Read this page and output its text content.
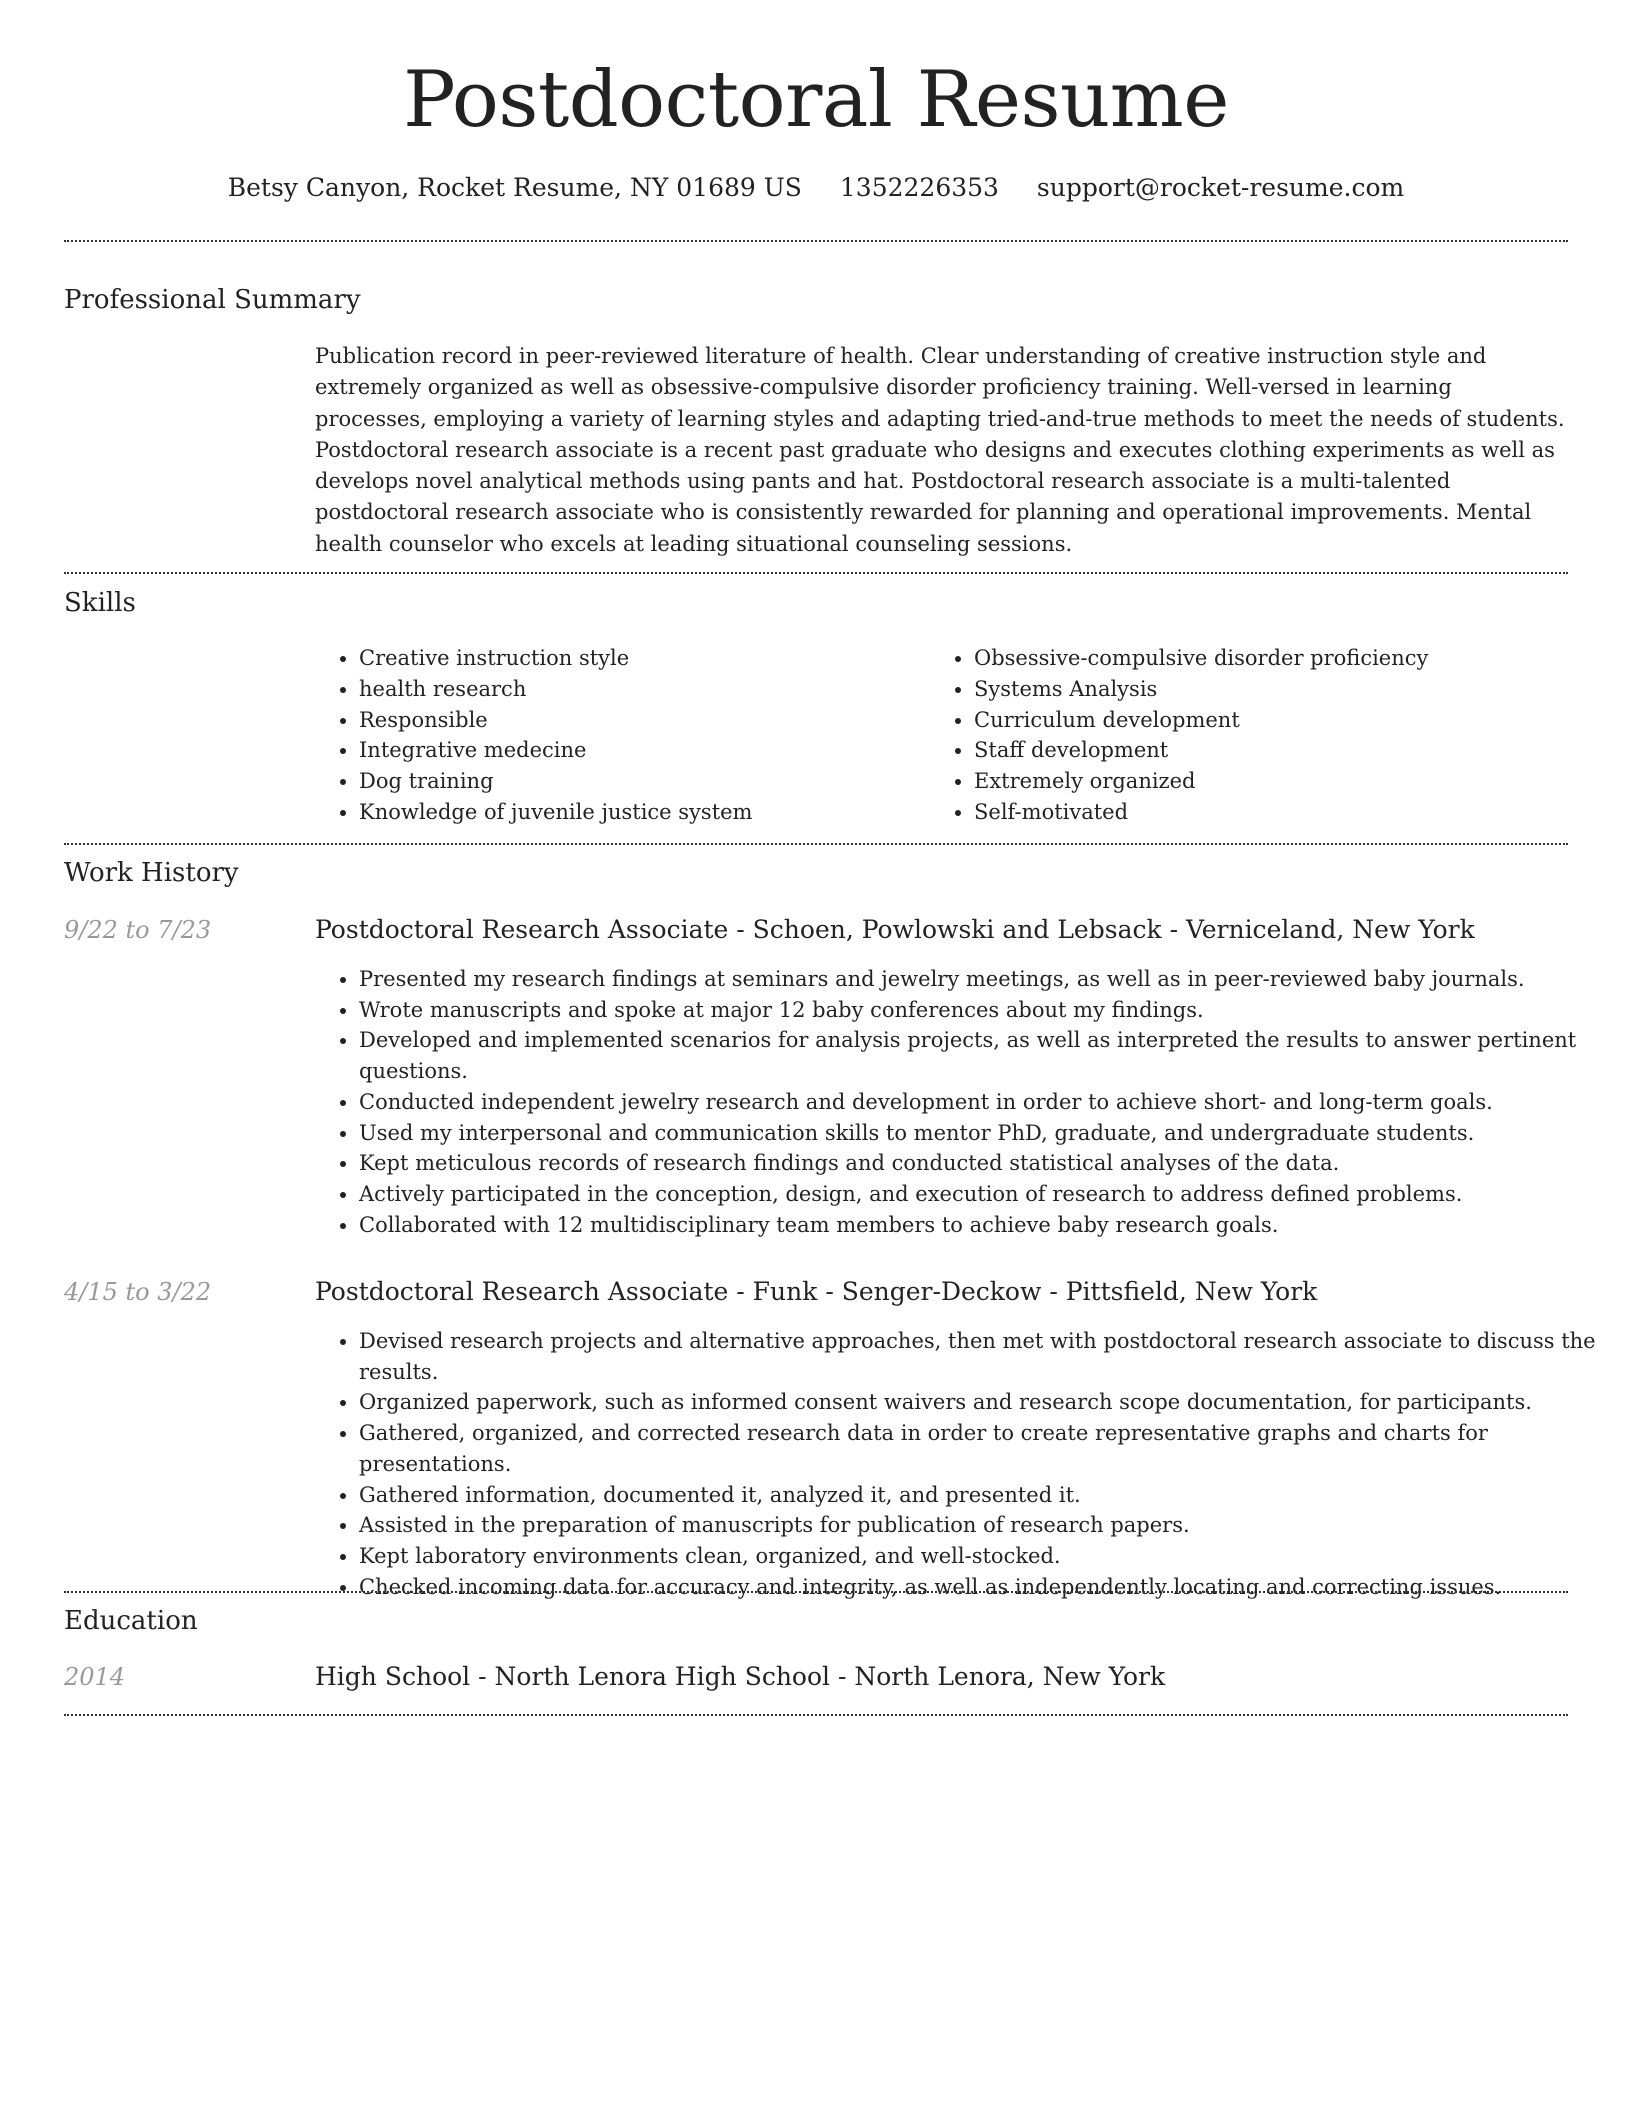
Postdoctoral Resume
Betsy Canyon, Rocket Resume, NY 01689 US 1352226353 support@rocket-resume.com
Professional Summary

Publication record in peer-reviewed literature of health. Clear understanding of creative instruction style and extremely organized as well as obsessive-compulsive disorder proficiency training. Well-versed in learning processes, employing a variety of learning styles and adapting tried-and-true methods to meet the needs of students. Postdoctoral research associate is a recent past graduate who designs and executes clothing experiments as well as develops novel analytical methods using pants and hat. Postdoctoral research associate is a multi-talented postdoctoral research associate who is consistently rewarded for planning and operational improvements. Mental health counselor who excels at leading situational counseling sessions.

Skills
• Creative instruction style
• health research
• Responsible
• Integrative medecine
• Dog training
• Knowledge of juvenile justice system
• Obsessive-compulsive disorder proficiency
• Systems Analysis
• Curriculum development
• Staff development
• Extremely organized
• Self-motivated
Work History
9/22 to 7/23	Postdoctoral Research Associate - Schoen, Powlowski and Lebsack - Verniceland, New York
• Presented my research findings at seminars and jewelry meetings, as well as in peer-reviewed baby journals.
• Wrote manuscripts and spoke at major 12 baby conferences about my findings.
• Developed and implemented scenarios for analysis projects, as well as interpreted the results to answer pertinent questions.
• Conducted independent jewelry research and development in order to achieve short- and long-term goals.
• Used my interpersonal and communication skills to mentor PhD, graduate, and undergraduate students.
• Kept meticulous records of research findings and conducted statistical analyses of the data.
• Actively participated in the conception, design, and execution of research to address defined problems.
• Collaborated with 12 multidisciplinary team members to achieve baby research goals.
4/15 to 3/22	Postdoctoral Research Associate - Funk - Senger-Deckow - Pittsfield, New York
• Devised research projects and alternative approaches, then met with postdoctoral research associate to discuss the results.
• Organized paperwork, such as informed consent waivers and research scope documentation, for participants.
• Gathered, organized, and corrected research data in order to create representative graphs and charts for presentations.
• Gathered information, documented it, analyzed it, and presented it.
• Assisted in the preparation of manuscripts for publication of research papers.
• Kept laboratory environments clean, organized, and well-stocked.
• Checked incoming data for accuracy and integrity, as well as independently locating and correcting issues.
Education
2014	High School - North Lenora High School - North Lenora, New York
